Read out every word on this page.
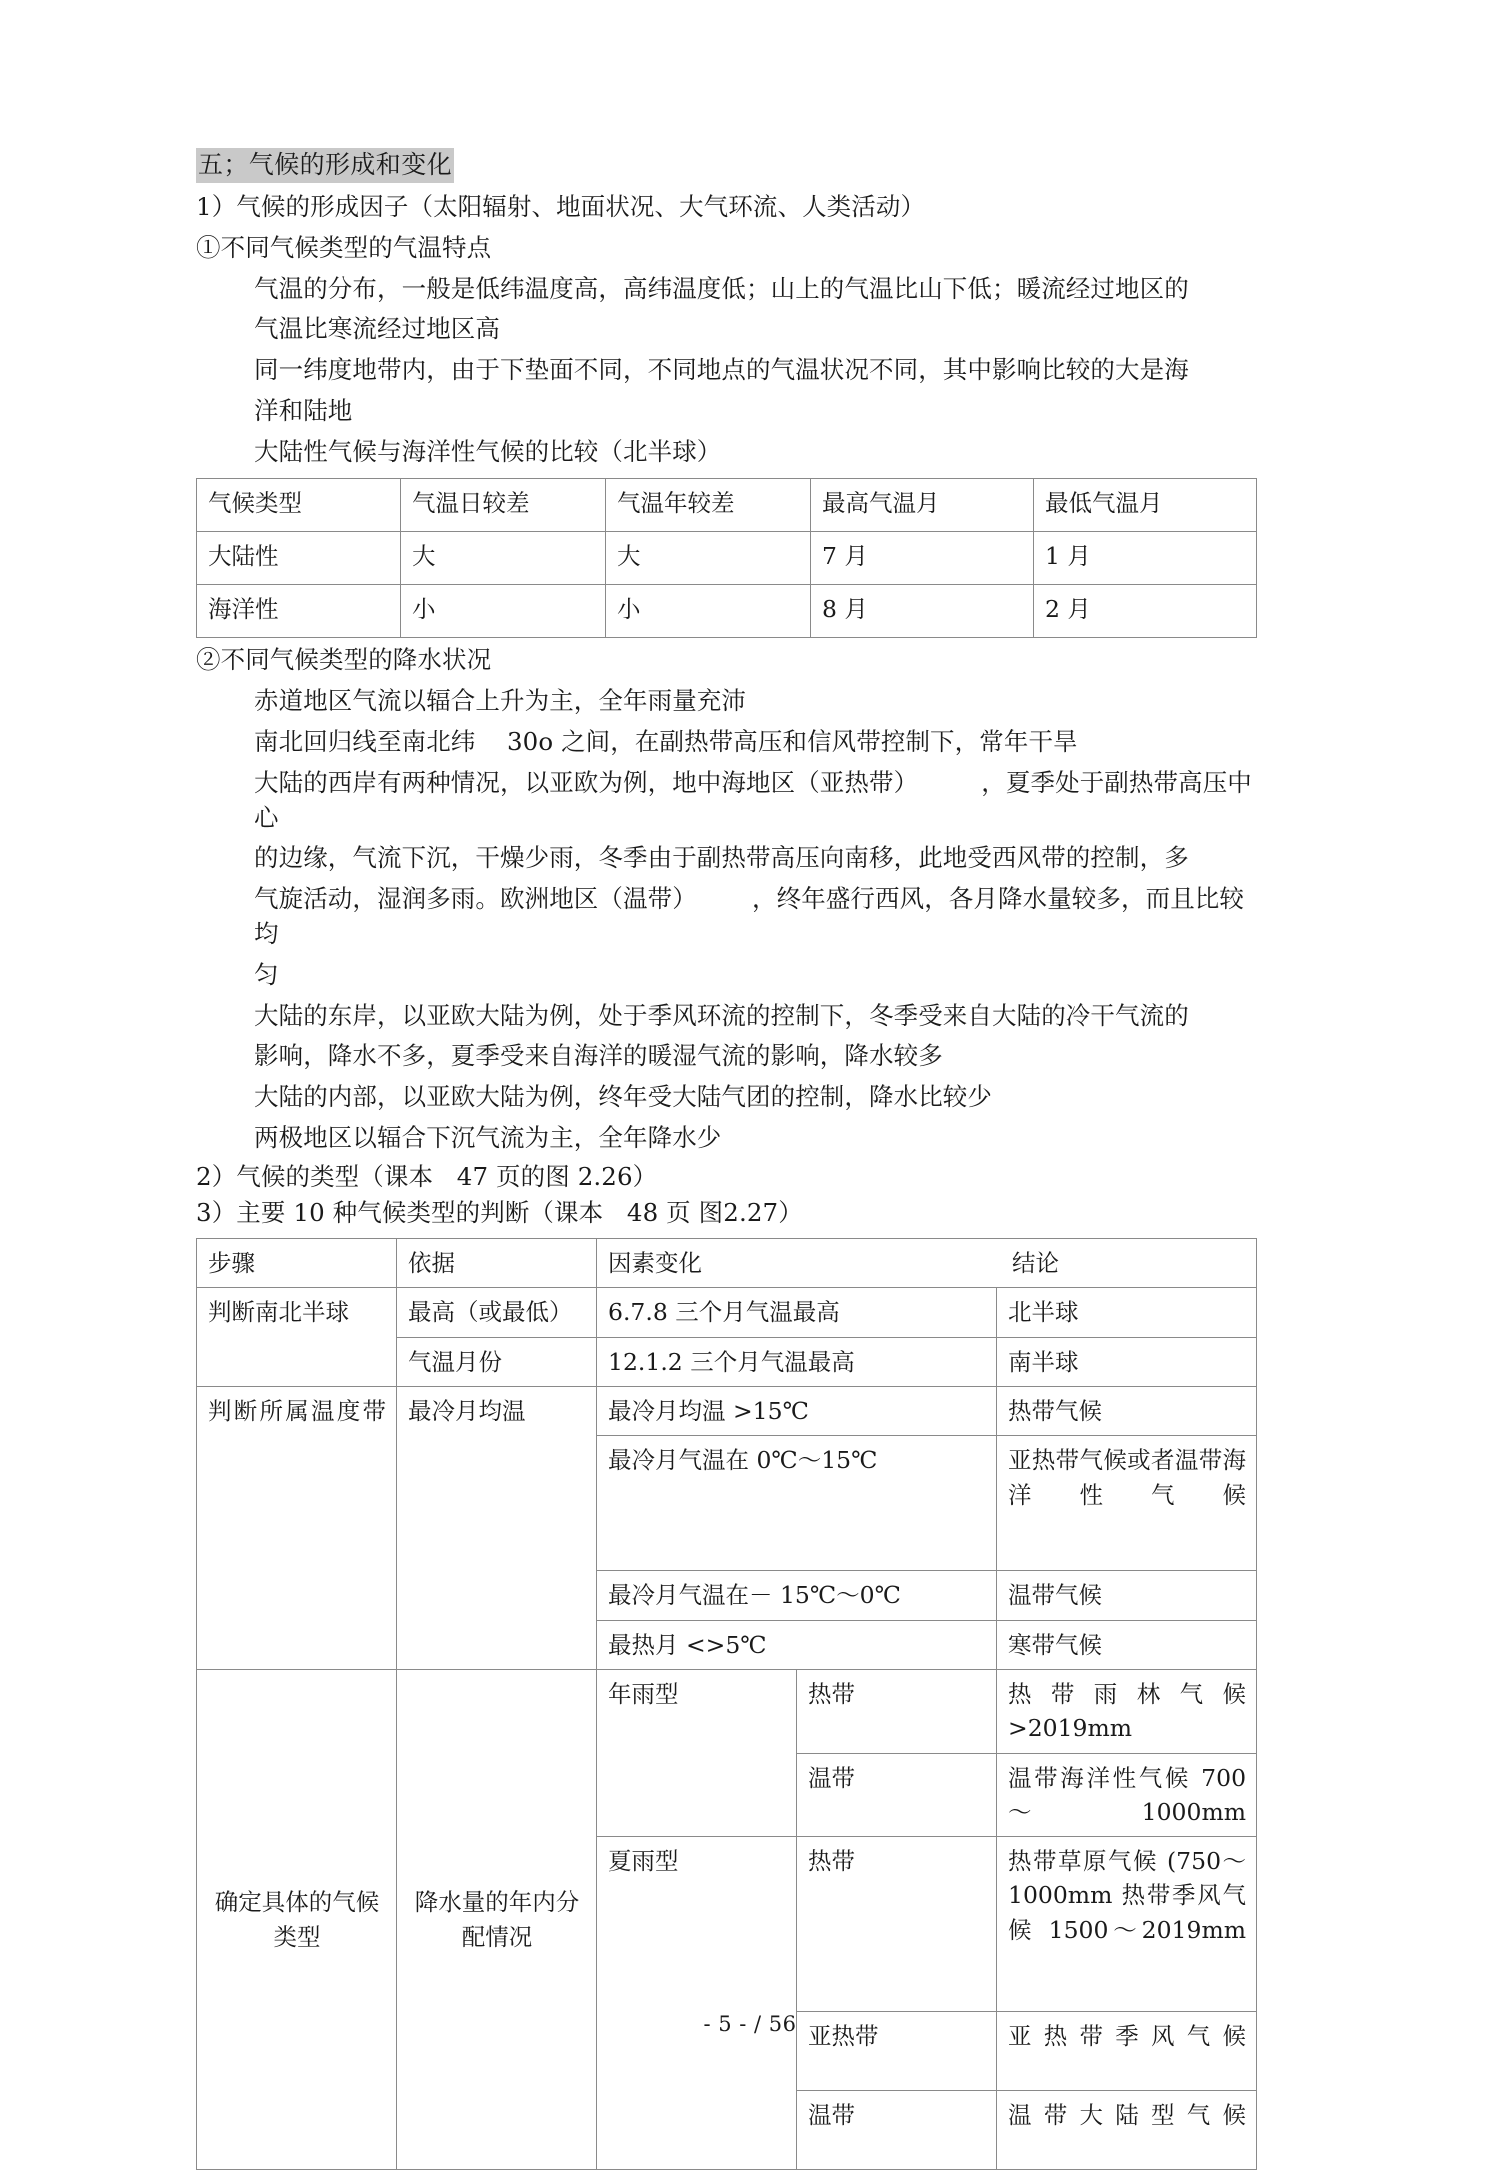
五；气候的形成和变化

1）气候的形成因子（太阳辐射、地面状况、大气环流、人类活动）

①不同气候类型的气温特点

气温的分布，一般是低纬温度高，高纬温度低；山上的气温比山下低；暖流经过地区的

气温比寒流经过地区高

同一纬度地带内，由于下垫面不同，不同地点的气温状况不同，其中影响比较的大是海

洋和陆地

大陆性气候与海洋性气候的比较（北半球）

气候类型	气温日较差	气温年较差	最高气温月	最低气温月
大陆性	大	大	7 月	1 月
海洋性	小	小	8 月	2 月

②不同气候类型的降水状况

赤道地区气流以辐合上升为主，全年雨量充沛

南北回归线至南北纬    30o 之间，在副热带高压和信风带控制下，常年干旱

大陆的西岸有两种情况，以亚欧为例，地中海地区（亚热带）        ，夏季处于副热带高压中心

的边缘，气流下沉，干燥少雨，冬季由于副热带高压向南移，此地受西风带的控制，多

气旋活动，湿润多雨。欧洲地区（温带）       ，终年盛行西风，各月降水量较多，而且比较均

匀

大陆的东岸，以亚欧大陆为例，处于季风环流的控制下，冬季受来自大陆的冷干气流的

影响，降水不多，夏季受来自海洋的暖湿气流的影响，降水较多

大陆的内部，以亚欧大陆为例，终年受大陆气团的控制，降水比较少

两极地区以辐合下沉气流为主，全年降水少

2）气候的类型（课本   47 页的图 2.26）

3）主要 10 种气候类型的判断（课本   48 页 图2.27）

步骤	依据	因素变化 结论		
判断南北半球	最高（或最低）	6.7.8 三个月气温最高		北半球
	气温月份	12.1.2 三个月气温最高		南半球
判断所属温度带	最冷月均温	最冷月均温 >15℃		热带气候
		最冷月气温在 0℃～15℃		亚热带气候或者温带海洋性气候
		最冷月气温在－ 15℃～0℃		温带气候
		最热月 <>5℃		寒带气候
确定具体的气候类型	降水量的年内分配情况	年雨型	热带	热带雨林气候 >2019mm
			温带	温带海洋性气候 700～1000mm
		夏雨型	热带	热带草原气候 (750～1000mm 热带季风气候 1500～2019mm
			亚热带	亚热带季风气候
			温带	温带大陆型气候
- 5 - / 56
